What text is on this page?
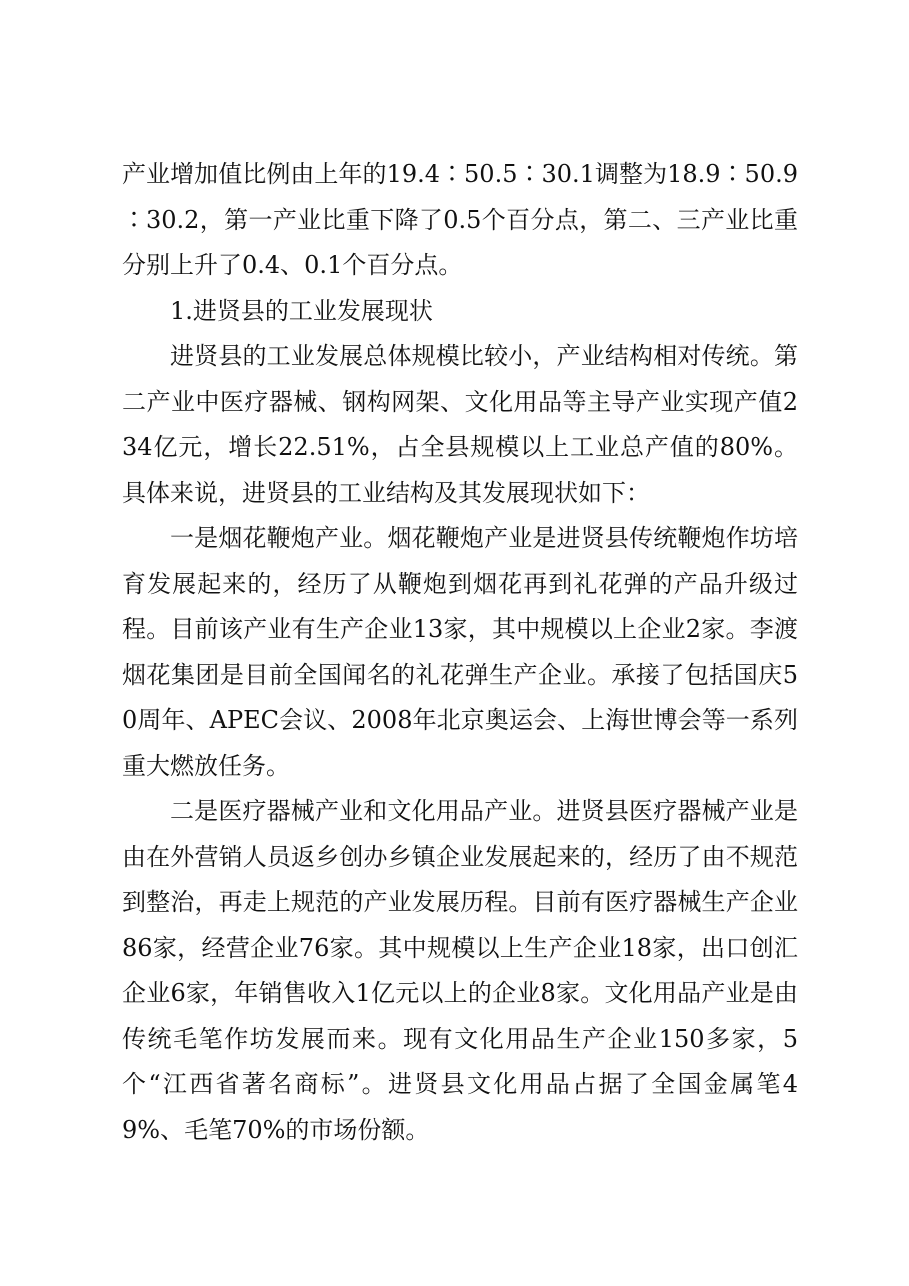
产业增加值比例由上年的19.4∶50.5∶30.1调整为18.9∶50.9∶30.2，第一产业比重下降了0.5个百分点，第二、三产业比重分别上升了0.4、0.1个百分点。

1.进贤县的工业发展现状

进贤县的工业发展总体规模比较小，产业结构相对传统。第二产业中医疗器械、钢构网架、文化用品等主导产业实现产值234亿元，增长22.51%，占全县规模以上工业总产值的80%。具体来说，进贤县的工业结构及其发展现状如下：

一是烟花鞭炮产业。烟花鞭炮产业是进贤县传统鞭炮作坊培育发展起来的，经历了从鞭炮到烟花再到礼花弹的产品升级过程。目前该产业有生产企业13家，其中规模以上企业2家。李渡烟花集团是目前全国闻名的礼花弹生产企业。承接了包括国庆50周年、APEC会议、2008年北京奥运会、上海世博会等一系列重大燃放任务。

二是医疗器械产业和文化用品产业。进贤县医疗器械产业是由在外营销人员返乡创办乡镇企业发展起来的，经历了由不规范到整治，再走上规范的产业发展历程。目前有医疗器械生产企业86家，经营企业76家。其中规模以上生产企业18家，出口创汇企业6家，年销售收入1亿元以上的企业8家。文化用品产业是由传统毛笔作坊发展而来。现有文化用品生产企业150多家，5个“江西省著名商标”。进贤县文化用品占据了全国金属笔49%、毛笔70%的市场份额。
